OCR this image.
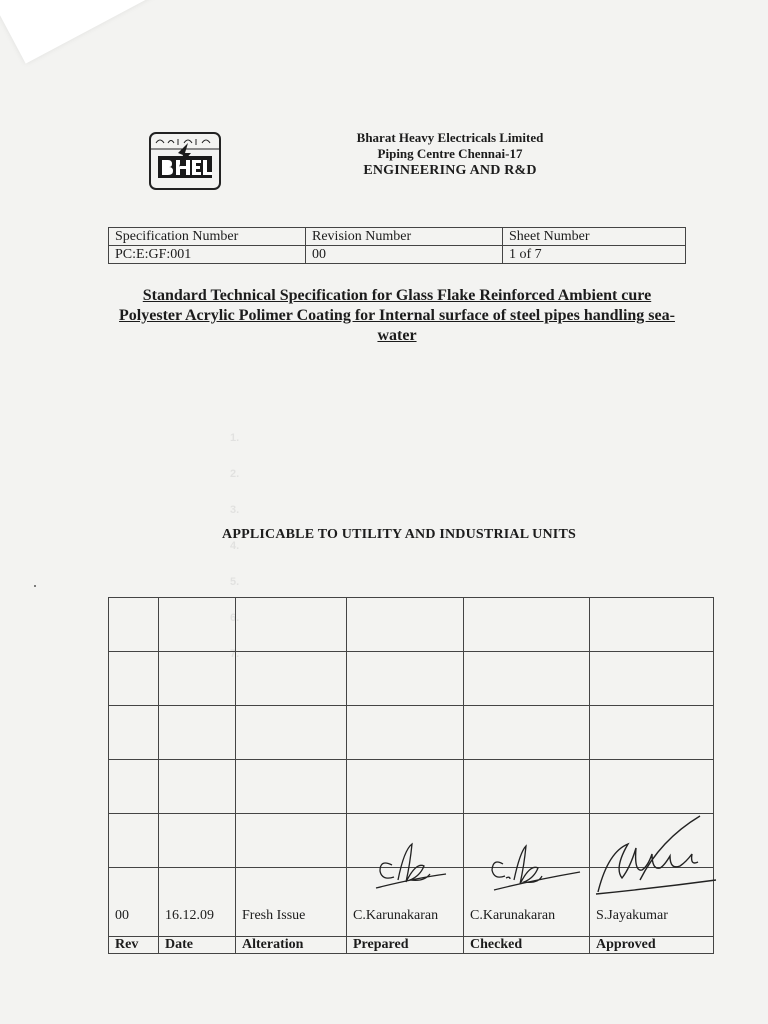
Bharat Heavy Electricals Limited
Piping Centre Chennai-17
ENGINEERING AND R&D
Specification Number	Revision Number	Sheet Number
PC:E:GF:001	00	1 of 7
Standard Technical Specification for Glass Flake Reinforced Ambient cure Polyester Acrylic Polimer Coating for Internal surface of steel pipes handling sea-water
1.
2.
3.
4.
5.
6.
7.
APPLICABLE TO UTILITY AND INDUSTRIAL UNITS

00	16.12.09	Fresh Issue	C.Karunakaran	C.Karunakaran	S.Jayakumar
Rev	Date	Alteration	Prepared	Checked	Approved
